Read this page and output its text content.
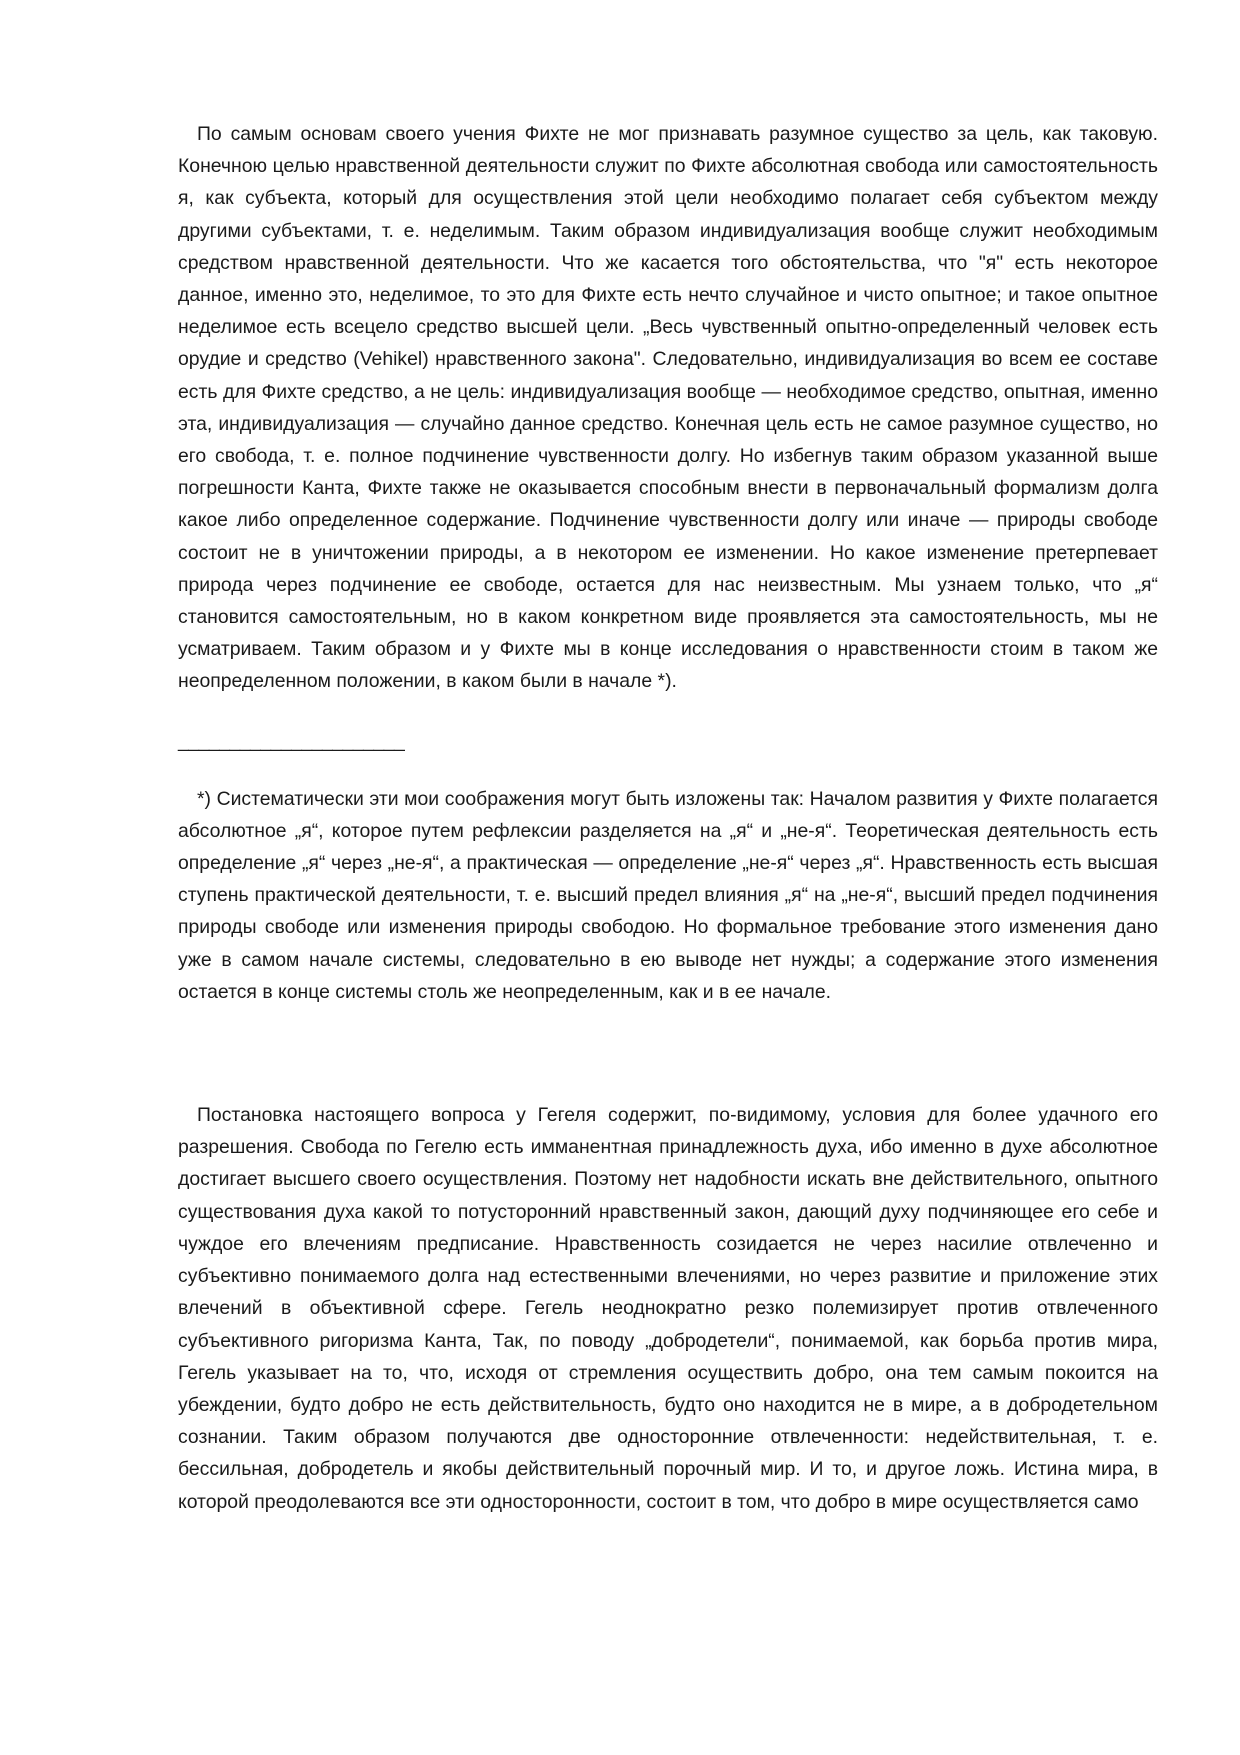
По самым основам своего учения Фихте не мог признавать разумное существо за цель, как таковую. Конечною целью нравственной деятельности служит по Фихте абсолютная свобода или самостоятельность я, как субъекта, который для осуществления этой цели необходимо полагает себя субъектом между другими субъектами, т. е. неделимым. Таким образом индивидуализация вообще служит необходимым средством нравственной деятельности. Что же касается того обстоятельства, что "я" есть некоторое данное, именно это, неделимое, то это для Фихте есть нечто случайное и чисто опытное; и такое опытное неделимое есть всецело средство высшей цели. „Весь чувственный опытно-определенный человек есть орудие и средство (Vehikel) нравственного закона". Следовательно, индивидуализация во всем ее составе есть для Фихте средство, а не цель: индивидуализация вообще — необходимое средство, опытная, именно эта, индивидуализация — случайно данное средство. Конечная цель есть не самое разумное существо, но его свобода, т. е. полное подчинение чувственности долгу. Но избегнув таким образом указанной выше погрешности Канта, Фихте также не оказывается способным внести в первоначальный формализм долга какое либо определенное содержание. Подчинение чувственности долгу или иначе — природы свободе состоит не в уничтожении природы, а в некотором ее изменении. Но какое изменение претерпевает природа через подчинение ее свободе, остается для нас неизвестным. Мы узнаем только, что „я“ становится самостоятельным, но в каком конкретном виде проявляется эта самостоятельность, мы не усматриваем. Таким образом и у Фихте мы в конце исследования о нравственности стоим в таком же неопределенном положении, в каком были в начале *).

______________________

*) Систематически эти мои соображения могут быть изложены так: Началом развития у Фихте полагается абсолютное „я“, которое путем рефлексии разделяется на „я“ и „не-я“. Теоретическая деятельность есть определение „я“ через „не-я“, а практическая — определение „не-я“ через „я“. Нравственность есть высшая ступень практической деятельности, т. е. высший предел влияния „я“ на „не-я“, высший предел подчинения природы свободе или изменения природы свободою. Но формальное требование этого изменения дано уже в самом начале системы, следовательно в ею выводе нет нужды; а содержание этого изменения остается в конце системы столь же неопределенным, как и в ее начале.

Постановка настоящего вопроса у Гегеля содержит, по-видимому, условия для более удачного его разрешения. Свобода по Гегелю есть имманентная принадлежность духа, ибо именно в духе абсолютное достигает высшего своего осуществления. Поэтому нет надобности искать вне действительного, опытного существования духа какой то потусторонний нравственный закон, дающий духу подчиняющее его себе и чуждое его влечениям предписание. Нравственность созидается не через насилие отвлеченно и субъективно понимаемого долга над естественными влечениями, но через развитие и приложение этих влечений в объективной сфере. Гегель неоднократно резко полемизирует против отвлеченного субъективного ригоризма Канта, Так, по поводу „добродетели“, понимаемой, как борьба против мира, Гегель указывает на то, что, исходя от стремления осуществить добро, она тем самым покоится на убеждении, будто добро не есть действительность, будто оно находится не в мире, а в добродетельном сознании. Таким образом получаются две односторонние отвлеченности: недействительная, т. е. бессильная, добродетель и якобы действительный порочный мир. И то, и другое ложь. Истина мира, в которой преодолеваются все эти односторонности, состоит в том, что добро в мире осуществляется само
